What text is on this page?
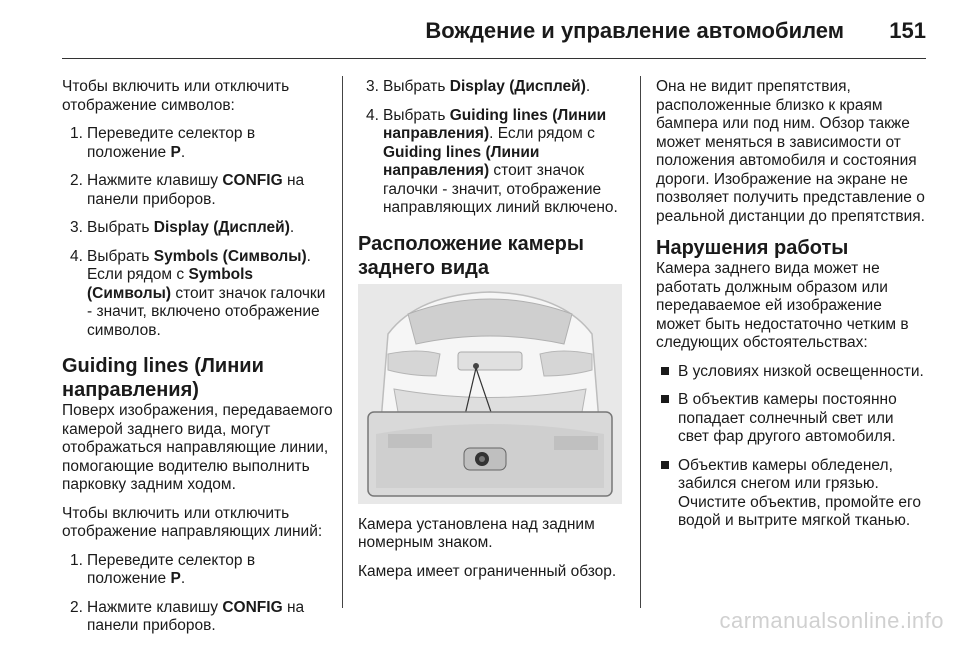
Вождение и управление автомобилем 151

Чтобы включить или отключить отображение символов:

1. Переведите селектор в положение P.
2. Нажмите клавишу CONFIG на панели приборов.
3. Выбрать Display (Дисплей).
4. Выбрать Symbols (Символы). Если рядом с Symbols (Символы) стоит значок галочки - значит, включено отображение символов.
Guiding lines (Линии направления)

Поверх изображения, передаваемого камерой заднего вида, могут отображаться направляющие линии, помогающие водителю выполнить парковку задним ходом.

Чтобы включить или отключить отображение направляющих линий:

1. Переведите селектор в положение P.
2. Нажмите клавишу CONFIG на панели приборов.
3. Выбрать Display (Дисплей).
4. Выбрать Guiding lines (Линии направления). Если рядом с Guiding lines (Линии направления) стоит значок галочки - значит, отображение направляющих линий включено.
Расположение камеры заднего вида

Камера установлена над задним номерным знаком.

Камера имеет ограниченный обзор.

Она не видит препятствия, расположенные близко к краям бампера или под ним. Обзор также может меняться в зависимости от положения автомобиля и состояния дороги. Изображение на экране не позволяет получить представление о реальной дистанции до препятствия.

Нарушения работы

Камера заднего вида может не работать должным образом или передаваемое ей изображение может быть недостаточно четким в следующих обстоятельствах:

В условиях низкой освещенности.
В объектив камеры постоянно попадает солнечный свет или свет фар другого автомобиля.
Объектив камеры обледенел, забился снегом или грязью. Очистите объектив, промойте его водой и вытрите мягкой тканью.
carmanualsonline.info
